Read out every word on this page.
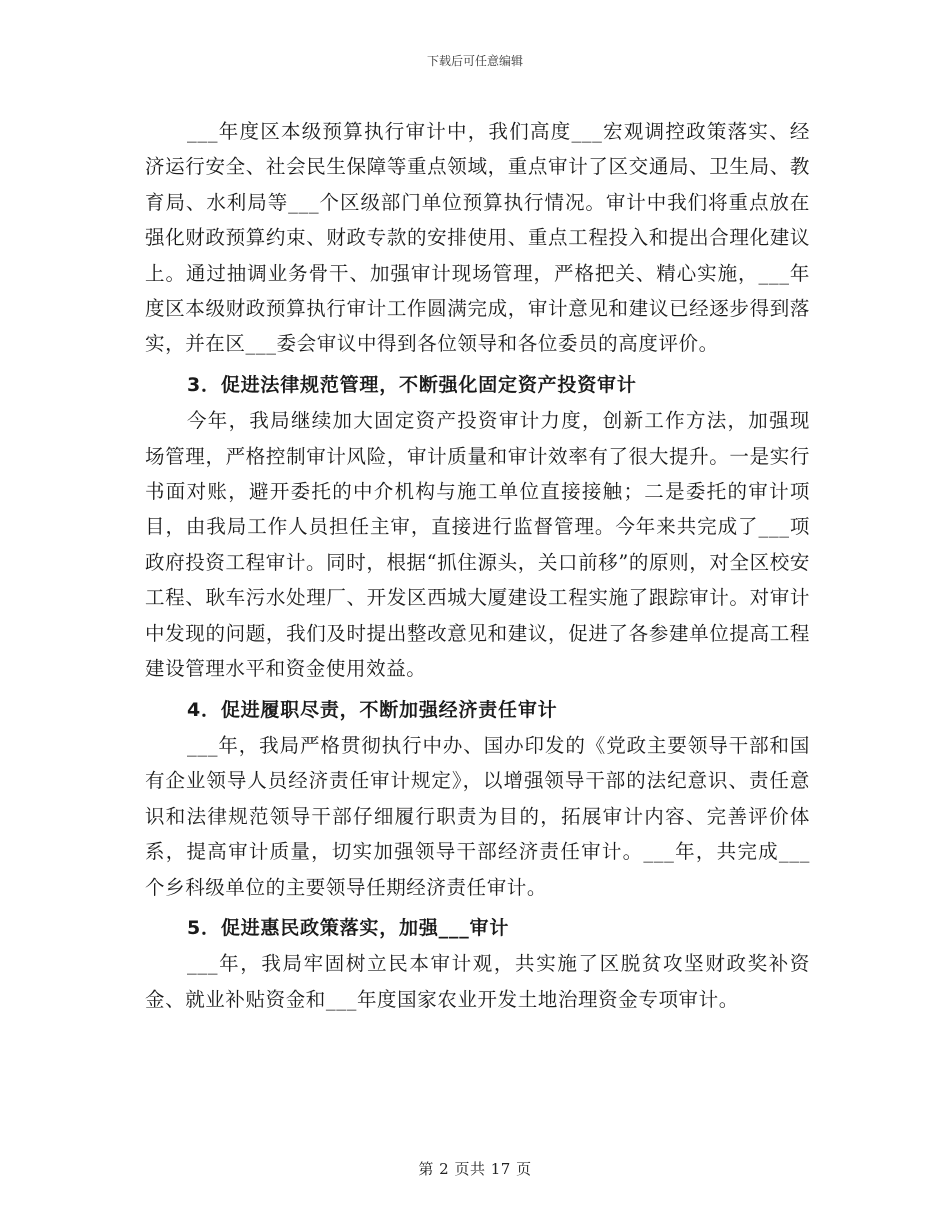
下载后可任意编辑

___年度区本级预算执行审计中，我们高度___宏观调控政策落实、经济运行安全、社会民生保障等重点领域，重点审计了区交通局、卫生局、教育局、水利局等___个区级部门单位预算执行情况。审计中我们将重点放在强化财政预算约束、财政专款的安排使用、重点工程投入和提出合理化建议上。通过抽调业务骨干、加强审计现场管理，严格把关、精心实施，___年度区本级财政预算执行审计工作圆满完成，审计意见和建议已经逐步得到落实，并在区___委会审议中得到各位领导和各位委员的高度评价。

3．促进法律规范管理，不断强化固定资产投资审计

今年，我局继续加大固定资产投资审计力度，创新工作方法，加强现场管理，严格控制审计风险，审计质量和审计效率有了很大提升。一是实行书面对账，避开委托的中介机构与施工单位直接接触；二是委托的审计项目，由我局工作人员担任主审，直接进行监督管理。今年来共完成了___项政府投资工程审计。同时，根据“抓住源头，关口前移”的原则，对全区校安工程、耿车污水处理厂、开发区西城大厦建设工程实施了跟踪审计。对审计中发现的问题，我们及时提出整改意见和建议，促进了各参建单位提高工程建设管理水平和资金使用效益。

4．促进履职尽责，不断加强经济责任审计

___年，我局严格贯彻执行中办、国办印发的《党政主要领导干部和国有企业领导人员经济责任审计规定》，以增强领导干部的法纪意识、责任意识和法律规范领导干部仔细履行职责为目的，拓展审计内容、完善评价体系，提高审计质量，切实加强领导干部经济责任审计。___年，共完成___个乡科级单位的主要领导任期经济责任审计。

5．促进惠民政策落实，加强___审计

___年，我局牢固树立民本审计观，共实施了区脱贫攻坚财政奖补资金、就业补贴资金和___年度国家农业开发土地治理资金专项审计。

第 2 页共 17 页
